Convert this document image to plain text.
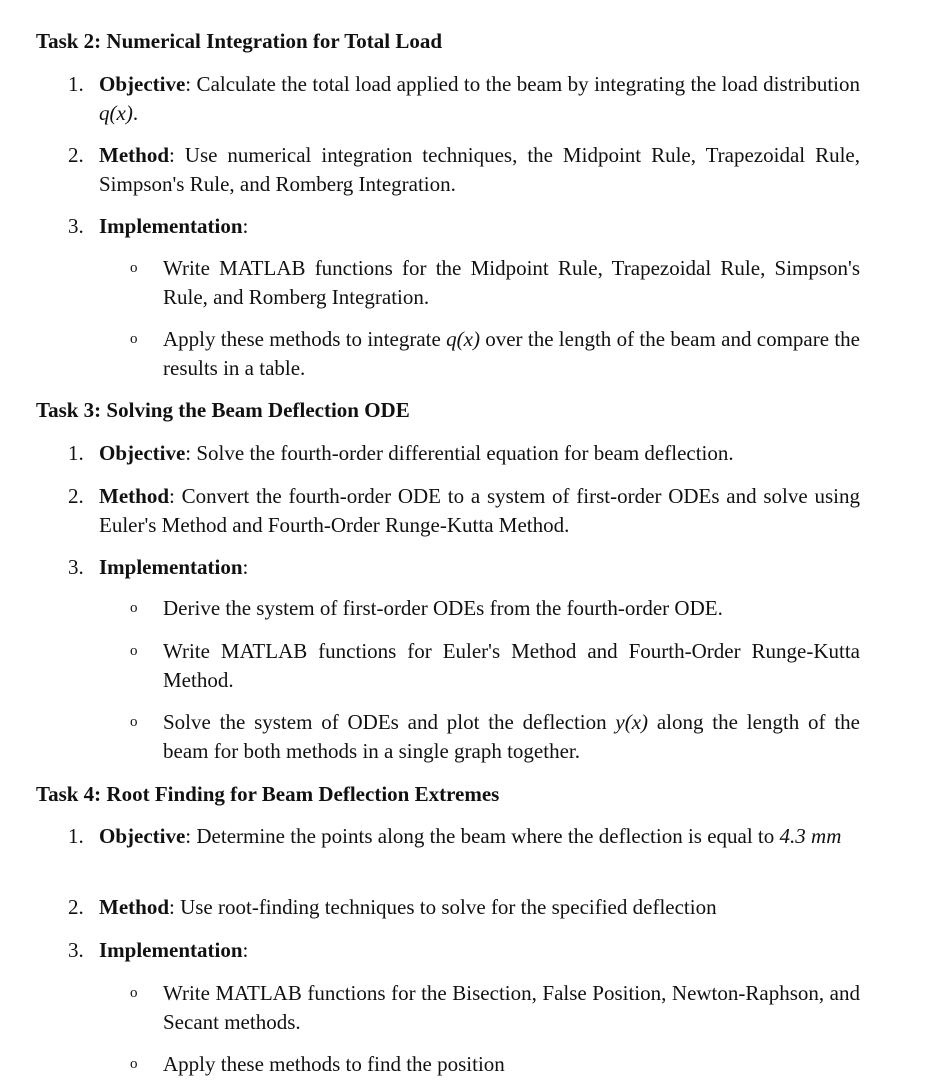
Task 2: Numerical Integration for Total Load
1. Objective: Calculate the total load applied to the beam by integrating the load distribution q(x).
2. Method: Use numerical integration techniques, the Midpoint Rule, Trapezoidal Rule, Simpson's Rule, and Romberg Integration.
3. Implementation:
o Write MATLAB functions for the Midpoint Rule, Trapezoidal Rule, Simpson's Rule, and Romberg Integration.
o Apply these methods to integrate q(x) over the length of the beam and compare the results in a table.
Task 3: Solving the Beam Deflection ODE
1. Objective: Solve the fourth-order differential equation for beam deflection.
2. Method: Convert the fourth-order ODE to a system of first-order ODEs and solve using Euler's Method and Fourth-Order Runge-Kutta Method.
3. Implementation:
o Derive the system of first-order ODEs from the fourth-order ODE.
o Write MATLAB functions for Euler's Method and Fourth-Order Runge-Kutta Method.
o Solve the system of ODEs and plot the deflection y(x) along the length of the beam for both methods in a single graph together.
Task 4: Root Finding for Beam Deflection Extremes
1. Objective: Determine the points along the beam where the deflection is equal to 4.3 mm
2. Method: Use root-finding techniques to solve for the specified deflection
3. Implementation:
o Write MATLAB functions for the Bisection, False Position, Newton-Raphson, and Secant methods.
o Apply these methods to find the position
